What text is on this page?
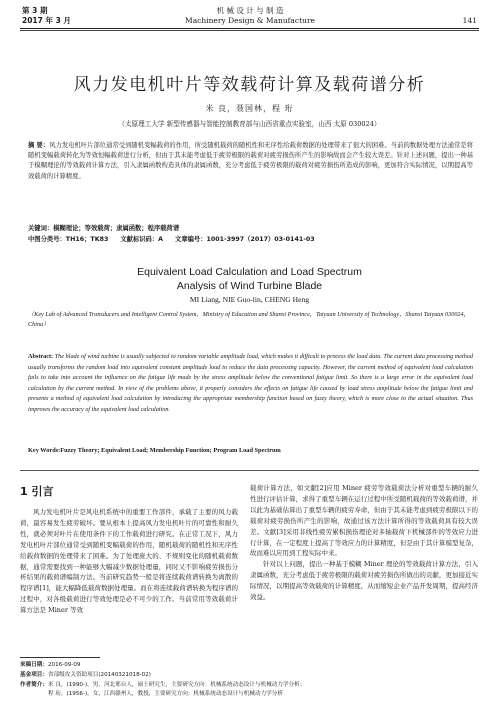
第 3 期
2017 年 3 月
机 械 设 计 与 制 造
Machinery Design & Manufacture	141
风力发电机叶片等效载荷计算及载荷谱分析
米 良，聂国林，程 珩
（太原理工大学 新型传感器与智能控制教育部与山西省重点实验室，山西 太原 030024）
摘 要：风力发电机叶片部位通常受到随机变幅载荷的作用，所受随机载荷的随机性和无序性给载荷数据的处理带来了很大的困难。当前的数据处理方法通常是将随机变幅载荷转化为等效恒幅载荷进行分析，但由于其未能考虑低于疲劳极限的载荷对疲劳损伤所产生的影响故而会产生较大误差。针对上述问题，提出一种基于模糊理论的等效载荷计算方法，引入隶属函数构造具体的隶属函数，充分考虑低于疲劳极限的载荷对疲劳损伤所造成的影响，更加符合实际情况，以期提高等效载荷的计算精度。
关键词：模糊理论；等效载荷；隶属函数；程序载荷谱
中图分类号：TH16；TK83 文献标识码：A 文章编号：1001-3997（2017）03-0141-03
Equivalent Load Calculation and Load Spectrum
Analysis of Wind Turbine Blade
MI Liang, NIE Guo-lin, CHENG Heng
（Key Lab of Advanced Transducers and Intelligent Control System，Ministry of Education and Shanxi Province，Taiyuan University of Technology，Shanxi Taiyuan 030024，China）
Abstract: The blade of wind turbine is usually subjected to random variable amplitude load, which makes it difficult to process the load data. The current data processing method usually transforms the random load into equivalent constant amplitude load to reduce the data processing capacity. However, the current method of equivalent load calculation fails to take into account the influence on the fatigue life made by the stress amplitude below the conventional fatigue limit. So there is a large error in the equivalent load calculation by the current method. In view of the problems above, it properly considers the effects on fatigue life caused by load stress amplitude below the fatigue limit and presents a method of equivalent load calculation by introducing the appropriate membership function based on fuzzy theory, which is more close to the actual situation. Thus improves the accuracy of the equivalent load calculation.
Key Words:Fuzzy Theory; Equivalent Load; Membership Function; Program Load Spectrum
1 引言

风力发电机叶片是风电机系统中的重要工作部件，承载了主要的风力载荷，最容易发生疲劳破坏。要从根本上提高风力发电机叶片的可靠性和耐久性，就必须对叶片在使用条件下的工作载荷进行研究。在正常工况下，风力发电机叶片部位通常受到随机变幅载荷的作用，随机载荷的随机性和无序性给载荷数据的处理带来了困难。为了处理庞大的、不规则变化的随机载荷数据，通常需要找到一种能够大幅减少数据处理量，同时又不影响疲劳损伤分析结果的载荷谱编制方法。当前研究趋势一般是将连续载荷谱转换为离散的程序谱[1]，能大幅降低载荷数据处理量。而在将连续载荷谱转换为程序谱的过程中，对各级载荷进行等效处理是必不可少的工作。当前常用等效载荷计算方法是 Miner 等效

载荷计算方法，如文献[2]应用 Miner 疲劳等效载荷法分析对重型车辆的耐久性进行评估计算，求得了重型车辆在运行过程中所受随机载荷的等效载荷谱，并以此为基础估算出了重型车辆的疲劳寿命，但由于其未能考虑到疲劳极限以下的载荷对疲劳损伤所产生的影响，故通过该方法计算所得的等效载荷具有较大误差。文献[3]采用非线性疲劳累积损伤理论对多轴载荷下机械部件的等效应力进行计算，在一定程度上提高了等效应力的计算精度，但是由于其计算模型复杂，故而难以应用到工程实际中来。

针对以上问题，提出一种基于模糊 Miner 理论的等效载荷计算方法，引入隶属函数，充分考虑低于疲劳极限的载荷对疲劳损伤所做出的贡献，更加接近实际情况，以期提高等效载荷的计算精度，从而缩短企业产品开发周期，提高经济效益。

来稿日期：2016-09-09
基金项目：省部级攻关资助项目(20140321018-02)
作者简介：米 良，(1990-)，男，河北邢台人，硕士研究生，主要研究方向：机械系统动态设计与机械动力学分析；
程 珩，(1956-)，女，江西赣州人，教授，主要研究方向：机械系统动态设计与机械动力学分析
